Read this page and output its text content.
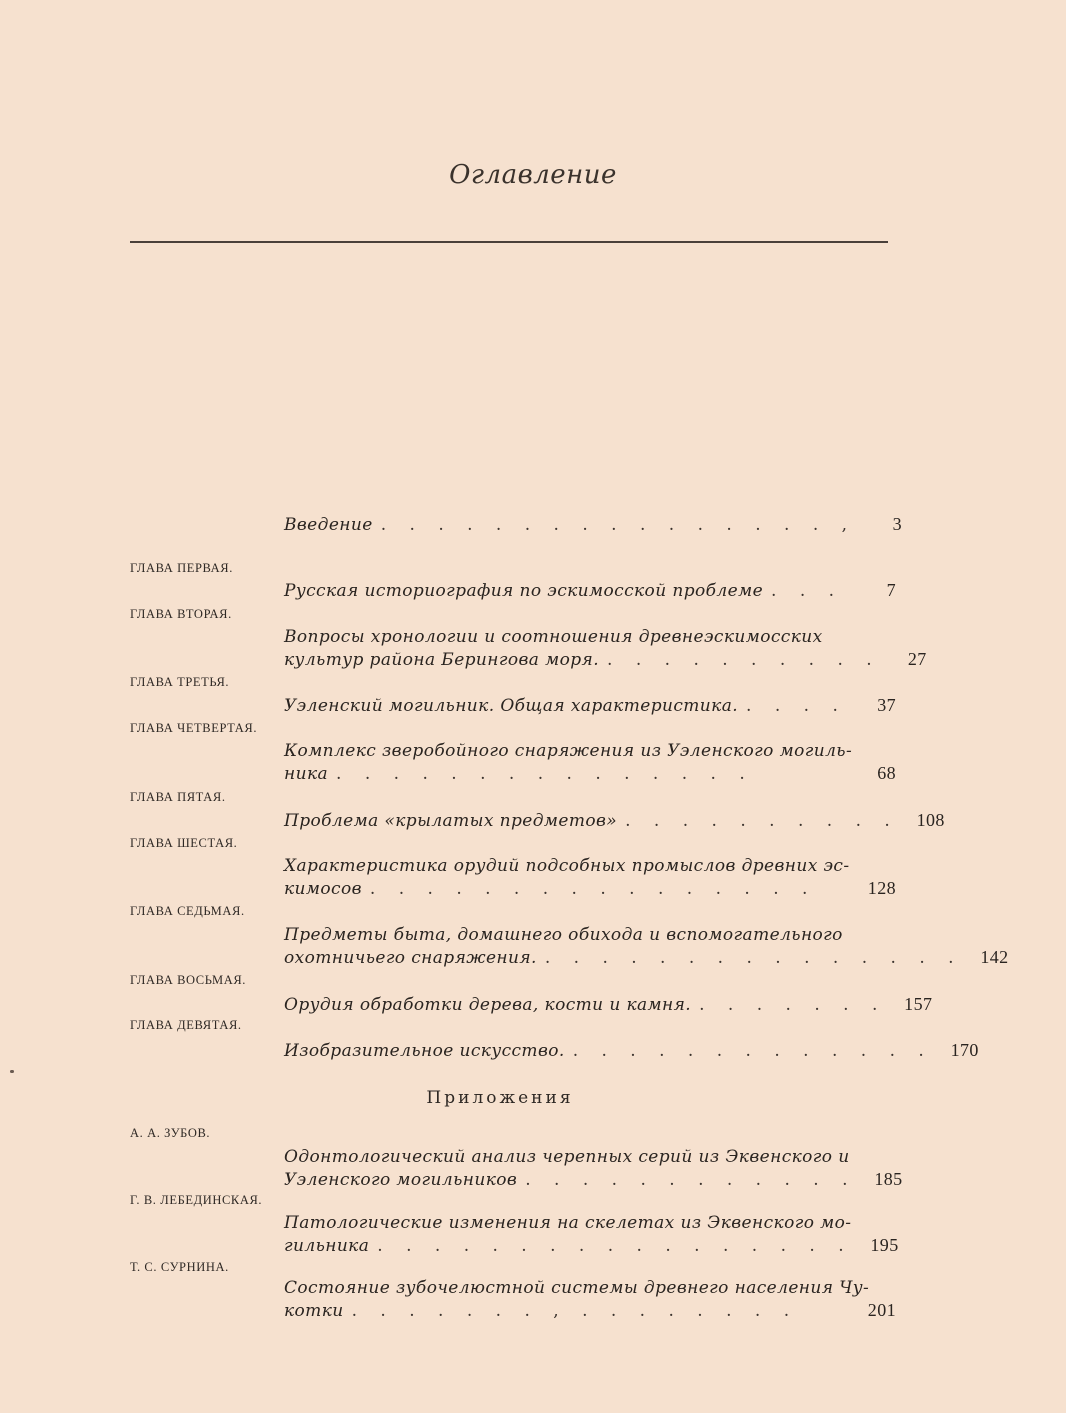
Оглавление
Введение . . . . . . . . . . . . . . . . ,	3
ГЛАВА ПЕРВАЯ.
Русская историография по эскимосской проблеме . . .	7
ГЛАВА ВТОРАЯ.
Вопросы хронологии и соотношения древнеэскимосских
культур района Берингова моря. . . . . . . . . . .	27
ГЛАВА ТРЕТЬЯ.
Уэленский могильник. Общая характеристика. . . . .	37
ГЛАВА ЧЕТВЕРТАЯ.
Комплекс зверобойного снаряжения из Уэленского могиль-
ника . . . . . . . . . . . . . . .	68
ГЛАВА ПЯТАЯ.
Проблема «крылатых предметов» . . . . . . . . . . 108
ГЛАВА ШЕСТАЯ.
Характеристика орудий подсобных промыслов древних эс-
кимосов . . . . . . . . . . . . . . . .	128
ГЛАВА СЕДЬМАЯ.
Предметы быта, домашнего обихода и вспомогательного
охотничьего снаряжения. . . . . . . . . . . . . . . . 142
ГЛАВА ВОСЬМАЯ.
Орудия обработки дерева, кости и камня. . . . . . . . 157
ГЛАВА ДЕВЯТАЯ.
Изобразительное искусство. . . . . . . . . . . . . . 170
Приложения
А. А. ЗУБОВ.
Одонтологический анализ черепных серий из Эквенского и
Уэленского могильников . . . . . . . . . . . . 185
Г. В. ЛЕБЕДИНСКАЯ.
Патологические изменения на скелетах из Эквенского мо-
гильника . . . . . . . . . . . . . . . . . 195
Т. С. СУРНИНА.
Состояние зубочелюстной системы древнего населения Чу-
котки . . . . . . . , . . . . . . . .	201
